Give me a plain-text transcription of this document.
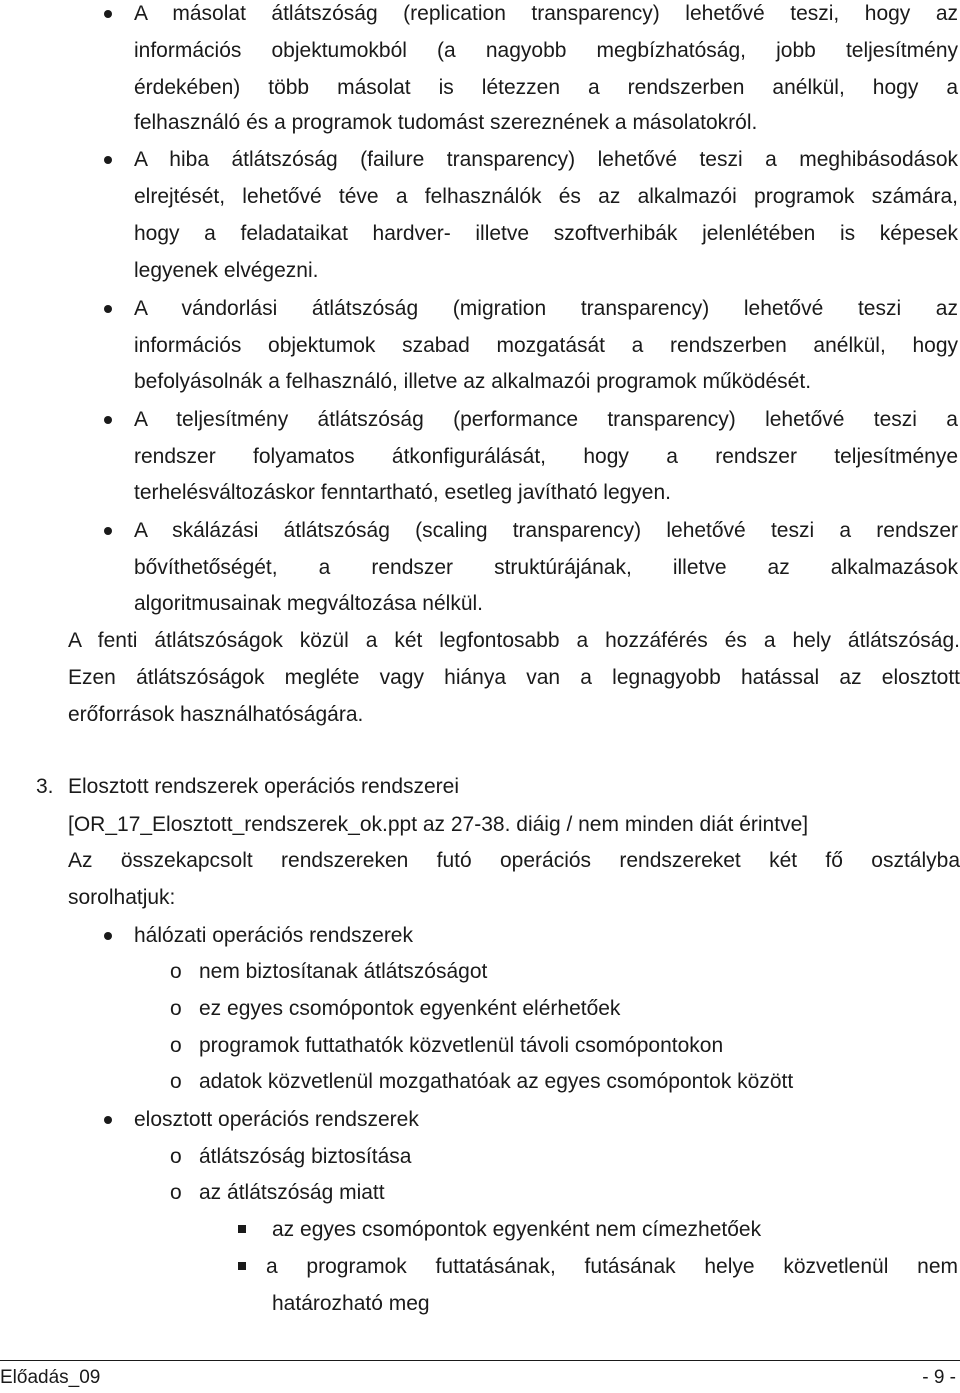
A másolat átlátszóság (replication transparency) lehetővé teszi, hogy az
információs objektumokból (a nagyobb megbízhatóság, jobb teljesítmény
érdekében) több másolat is létezzen a rendszerben anélkül, hogy a
felhasználó és a programok tudomást szereznének a másolatokról.
A hiba átlátszóság (failure transparency) lehetővé teszi a meghibásodások
elrejtését, lehetővé téve a felhasználók és az alkalmazói programok számára,
hogy a feladataikat hardver- illetve szoftverhibák jelenlétében is képesek
legyenek elvégezni.
A vándorlási átlátszóság (migration transparency) lehetővé teszi az
információs objektumok szabad mozgatását a rendszerben anélkül, hogy
befolyásolnák a felhasználó, illetve az alkalmazói programok működését.
A teljesítmény átlátszóság (performance transparency) lehetővé teszi a
rendszer folyamatos átkonfigurálását, hogy a rendszer teljesítménye
terhelésváltozáskor fenntartható, esetleg javítható legyen.
A skálázási átlátszóság (scaling transparency) lehetővé teszi a rendszer
bővíthetőségét, a rendszer struktúrájának, illetve az alkalmazások
algoritmusainak megváltozása nélkül.
A fenti átlátszóságok közül a két legfontosabb a hozzáférés és a hely átlátszóság.
Ezen átlátszóságok megléte vagy hiánya van a legnagyobb hatással az elosztott
erőforrások használhatóságára.
3. Elosztott rendszerek operációs rendszerei
[OR_17_Elosztott_rendszerek_ok.ppt az 27-38. diáig / nem minden diát érintve]
Az összekapcsolt rendszereken futó operációs rendszereket két fő osztályba
sorolhatjuk:
hálózati operációs rendszerek
o nem biztosítanak átlátszóságot
o ez egyes csomópontok egyenként elérhetőek
o programok futtathatók közvetlenül távoli csomópontokon
o adatok közvetlenül mozgathatóak az egyes csomópontok között
elosztott operációs rendszerek
o átlátszóság biztosítása
o az átlátszóság miatt
az egyes csomópontok egyenként nem címezhetőek
a programok futtatásának, futásának helye közvetlenül nem
határozható meg
Előadás_09	- 9 -
